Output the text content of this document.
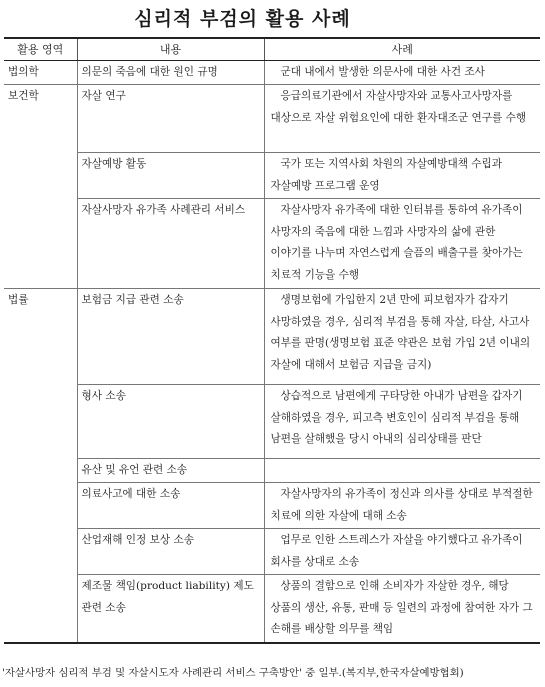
심리적 부검의 활용 사례
활용 영역	내용	사례
법의학	의문의 죽음에 대한 원인 규명	군대 내에서 발생한 의문사에 대한 사건 조사
보건학	자살 연구	응급의료기관에서 자살사망자와 교통사고사망자를 대상으로 자살 위험요인에 대한 환자대조군 연구를 수행
	자살예방 활동	국가 또는 지역사회 차원의 자살예방대책 수립과 자살예방 프로그램 운영
	자살사망자 유가족 사례관리 서비스	자살사망자 유가족에 대한 인터뷰를 통하여 유가족이 사망자의 죽음에 대한 느낌과 사망자의 삶에 관한 이야기를 나누며 자연스럽게 슬픔의 배출구를 찾아가는 치료적 기능을 수행
법률	보험금 지급 관련 소송	생명보험에 가입한지 2년 만에 피보험자가 갑자기 사망하였을 경우, 심리적 부검을 통해 자살, 타살, 사고사 여부를 판명(생명보험 표준 약관은 보험 가입 2년 이내의 자살에 대해서 보험금 지급을 금지)
	형사 소송	상습적으로 남편에게 구타당한 아내가 남편을 갑자기 살해하였을 경우, 피고측 변호인이 심리적 부검을 통해 남편을 살해했을 당시 아내의 심리상태를 판단
	유산 및 유언 관련 소송	
	의료사고에 대한 소송	자살사망자의 유가족이 정신과 의사를 상대로 부적절한 치료에 의한 자살에 대해 소송
	산업재해 인정 보상 소송	업무로 인한 스트레스가 자살을 야기했다고 유가족이 회사를 상대로 소송
	제조물 책임(product liability) 제도 관련 소송	상품의 결함으로 인해 소비자가 자살한 경우, 해당 상품의 생산, 유통, 판매 등 일련의 과정에 참여한 자가 그 손해를 배상할 의무를 책임
'자살사망자 심리적 부검 및 자살시도자 사례관리 서비스 구축방안' 중 일부.(복지부,한국자살예방협회)
